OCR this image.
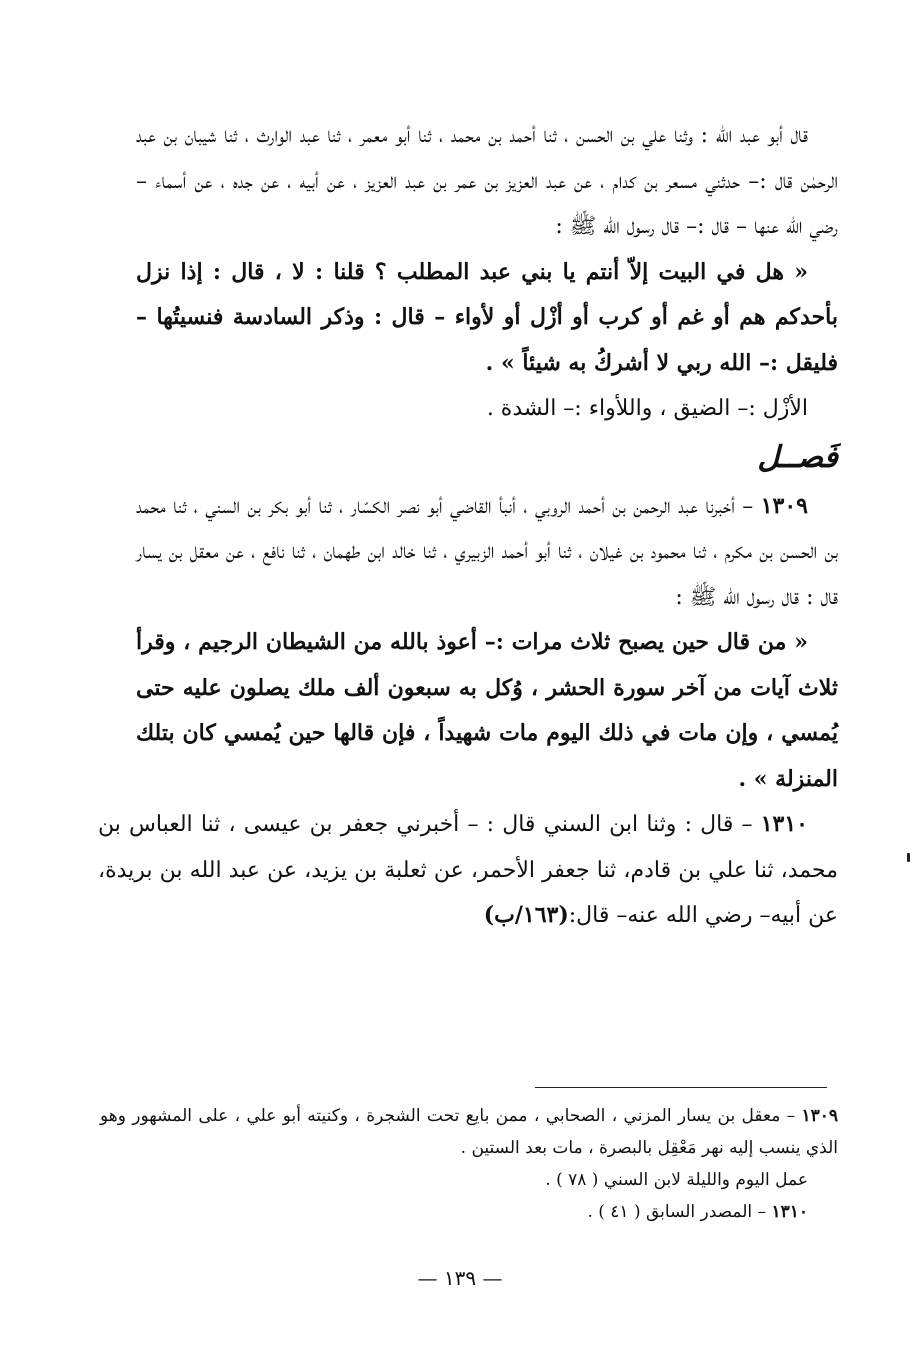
قال أبو عبد الله : وثنا علي بن الحسن ، ثنا أحمد بن محمد ، ثنا أبو معمر ، ثنا عبد الوارث ، ثنا شيبان بن عبد الرحمٰن قال :– حدثني مسعر بن كدام ، عن عبد العزيز بن عمر بن عبد العزيز ، عن أبيه ، عن جده ، عن أسماء – رضي الله عنها – قال :– قال رسول الله ﷺ :

« هل في البيت إلاّ أنتم يا بني عبد المطلب ؟ قلنا : لا ، قال : إذا نزل بأحدكم هم أو غم أو كرب أو أزْل أو لأواء – قال : وذكر السادسة فنسيتُها – فليقل :– الله ربي لا أشركُ به شيئاً » .

الأزْل :– الضيق ، واللأواء :– الشدة .

فَصــل

١٣٠٩ – أخبرنا عبد الرحمن بن أحمد الروبي ، أنبأ القاضي أبو نصر الكسّار ، ثنا أبو بكر بن السني ، ثنا محمد بن الحسن بن مكرم ، ثنا محمود بن غيلان ، ثنا أبو أحمد الزبيري ، ثنا خالد ابن طهمان ، ثنا نافع ، عن معقل بن يسار قال : قال رسول الله ﷺ :

« من قال حين يصبح ثلاث مرات :– أعوذ بالله من الشيطان الرجيم ، وقرأ ثلاث آيات من آخر سورة الحشر ، وُكل به سبعون ألف ملك يصلون عليه حتى يُمسي ، وإن مات في ذلك اليوم مات شهيداً ، فإن قالها حين يُمسي كان بتلك المنزلة » .

١٣١٠ – قال : وثنا ابن السني قال : – أخبرني جعفر بن عيسى ، ثنا العباس بن محمد، ثنا علي بن قادم، ثنا جعفر الأحمر، عن ثعلبة بن يزيد، عن عبد الله بن بريدة، عن أبيه– رضي الله عنه– قال:(١٦٣/ب)

١٣٠٩ – معقل بن يسار المزني ، الصحابي ، ممن بايع تحت الشجرة ، وكنيته أبو علي ، على المشهور وهو الذي ينسب إليه نهر مَعْقِل بالبصرة ، مات بعد الستين .

عمل اليوم والليلة لابن السني ( ٧٨ ) .

١٣١٠ – المصدر السابق ( ٤١ ) .

— ١٣٩ —
